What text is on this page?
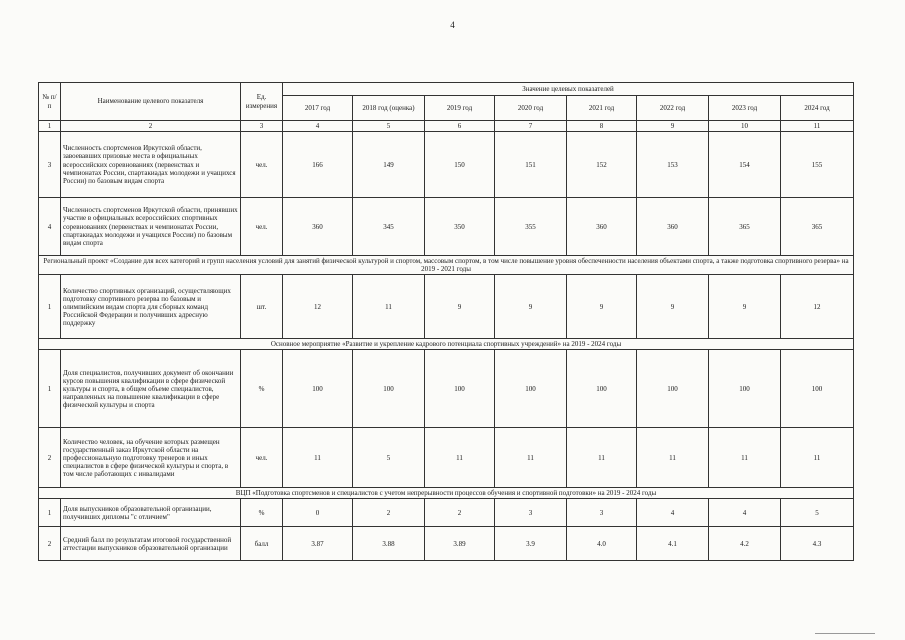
4
№ п/п	Наименование целевого показателя	Ед. измерения	Значение целевых показателей							
			2017 год	2018 год (оценка)	2019 год	2020 год	2021 год	2022 год	2023 год	2024 год
1	2	3	4	5	6	7	8	9	10	11
3	Численность спортсменов Иркутской области, завоевавших призовые места в официальных всероссийских соревнованиях (первенствах и чемпионатах России, спартакиадах молодежи и учащихся России) по базовым видам спорта	чел.	166	149	150	151	152	153	154	155
4	Численность спортсменов Иркутской области, принявших участие в официальных всероссийских спортивных соревнованиях (первенствах и чемпионатах России, спартакиадах молодежи и учащихся России) по базовым видам спорта	чел.	360	345	350	355	360	360	365	365
Региональный проект «Создание для всех категорий и групп населения условий для занятий физической культурой и спортом, массовым спортом, в том числе повышение уровня обеспеченности населения объектами спорта, а также подготовка спортивного резерва» на 2019 - 2021 годы										
1	Количество спортивных организаций, осуществляющих подготовку спортивного резерва по базовым и олимпийским видам спорта для сборных команд Российской Федерации и получивших адресную поддержку	шт.	12	11	9	9	9	9	9	12
Основное мероприятие «Развитие и укрепление кадрового потенциала спортивных учреждений» на 2019 - 2024 годы										
1	Доля специалистов, получивших документ об окончании курсов повышения квалификации в сфере физической культуры и спорта, в общем объеме специалистов, направленных на повышение квалификации в сфере физической культуры и спорта	%	100	100	100	100	100	100	100	100
2	Количество человек, на обучение которых размещен государственный заказ Иркутской области на профессиональную подготовку тренеров и иных специалистов в сфере физической культуры и спорта, в том числе работающих с инвалидами	чел.	11	5	11	11	11	11	11	11
ВЦП «Подготовка спортсменов и специалистов с учетом непрерывности процессов обучения и спортивной подготовки» на 2019 - 2024 годы										
1	Доля выпускников образовательной организации, получивших дипломы "с отличием"	%	0	2	2	3	3	4	4	5
2	Средний балл по результатам итоговой государственной аттестации выпускников образовательной организации	балл	3.87	3.88	3.89	3.9	4.0	4.1	4.2	4.3
